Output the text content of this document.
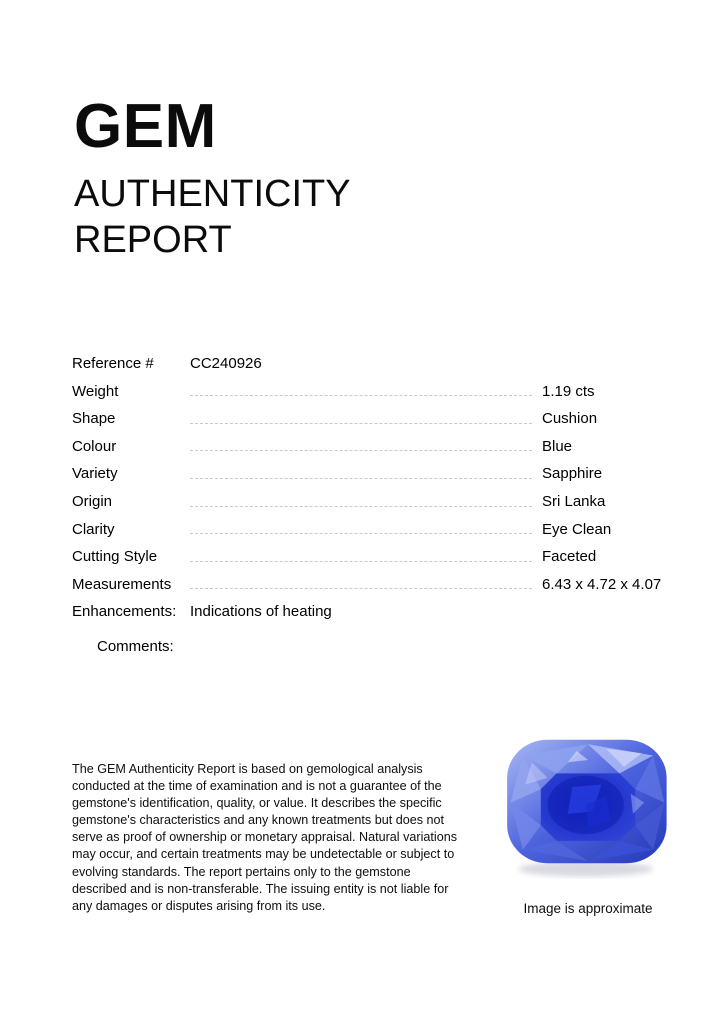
GEM
AUTHENTICITY REPORT
Reference #	CC240926
Weight	1.19 cts
Shape	Cushion
Colour	Blue
Variety	Sapphire
Origin	Sri Lanka
Clarity	Eye Clean
Cutting Style	Faceted
Measurements	6.43 x 4.72 x 4.07
Enhancements: Indications of heating
Comments:
The GEM Authenticity Report is based on gemological analysis conducted at the time of examination and is not a guarantee of the gemstone's identification, quality, or value. It describes the specific gemstone's characteristics and any known treatments but does not serve as proof of ownership or monetary appraisal. Natural variations may occur, and certain treatments may be undetectable or subject to evolving standards. The report pertains only to the gemstone described and is non-transferable. The issuing entity is not liable for any damages or disputes arising from its use.	Image is approximate
